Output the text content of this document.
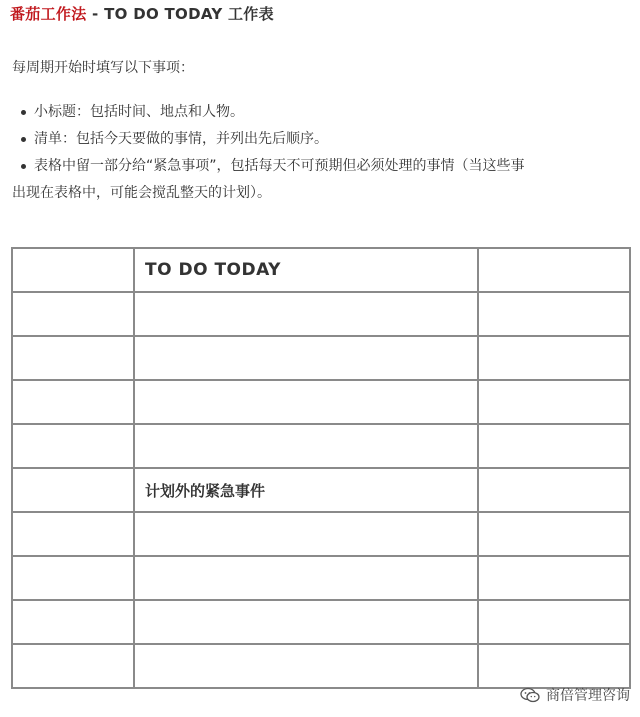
番茄工作法 - TO DO TODAY 工作表
每周期开始时填写以下事项：
小标题：包括时间、地点和人物。
清单：包括今天要做的事情，并列出先后顺序。
表格中留一部分给“紧急事项”，包括每天不可预期但必须处理的事情（当这些事
出现在表格中，可能会搅乱整天的计划）。
	TO DO TODAY	

	计划外的紧急事件	

商倍管理咨询
